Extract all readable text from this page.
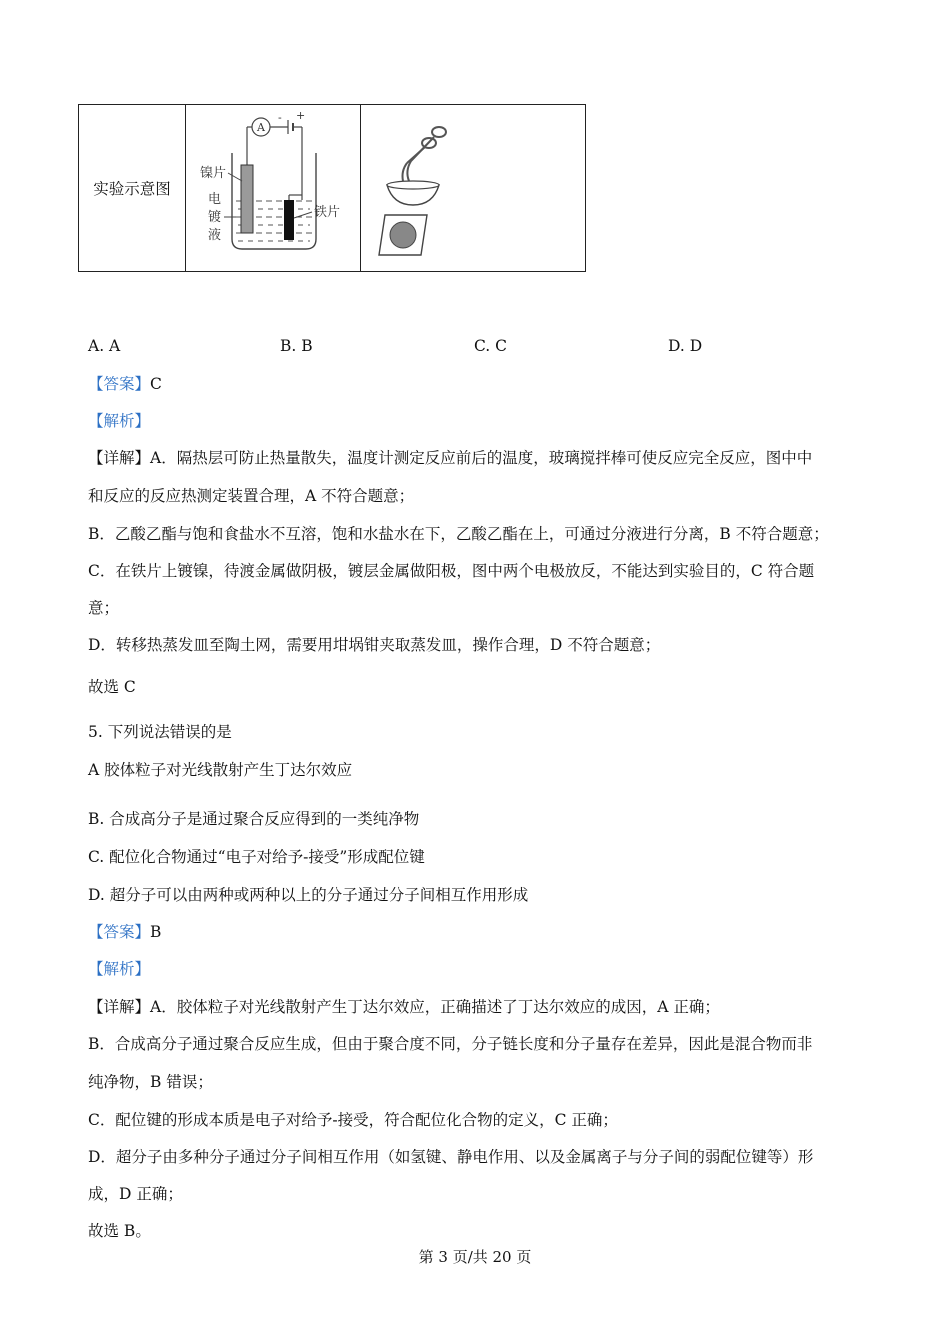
实验示意图	
A
- +
镍片
电
镀
液
铁片

A. A	B. B	C. C	D. D
【答案】C
【解析】
【详解】A．隔热层可防止热量散失，温度计测定反应前后的温度，玻璃搅拌棒可使反应完全反应，图中中
和反应的反应热测定装置合理，A 不符合题意；
B．乙酸乙酯与饱和食盐水不互溶，饱和水盐水在下，乙酸乙酯在上，可通过分液进行分离，B 不符合题意；
C．在铁片上镀镍，待渡金属做阴极，镀层金属做阳极，图中两个电极放反，不能达到实验目的，C 符合题
意；
D．转移热蒸发皿至陶土网，需要用坩埚钳夹取蒸发皿，操作合理，D 不符合题意；
故选 C
5. 下列说法错误的是
A 胶体粒子对光线散射产生丁达尔效应
B. 合成高分子是通过聚合反应得到的一类纯净物
C. 配位化合物通过“电子对给予-接受”形成配位键
D. 超分子可以由两种或两种以上的分子通过分子间相互作用形成
【答案】B
【解析】
【详解】A．胶体粒子对光线散射产生丁达尔效应，正确描述了丁达尔效应的成因，A 正确；
B．合成高分子通过聚合反应生成，但由于聚合度不同，分子链长度和分子量存在差异，因此是混合物而非
纯净物，B 错误；
C．配位键的形成本质是电子对给予-接受，符合配位化合物的定义，C 正确；
D．超分子由多种分子通过分子间相互作用（如氢键、静电作用、以及金属离子与分子间的弱配位键等）形
成，D 正确；
故选 B。
第 3 页/共 20 页
